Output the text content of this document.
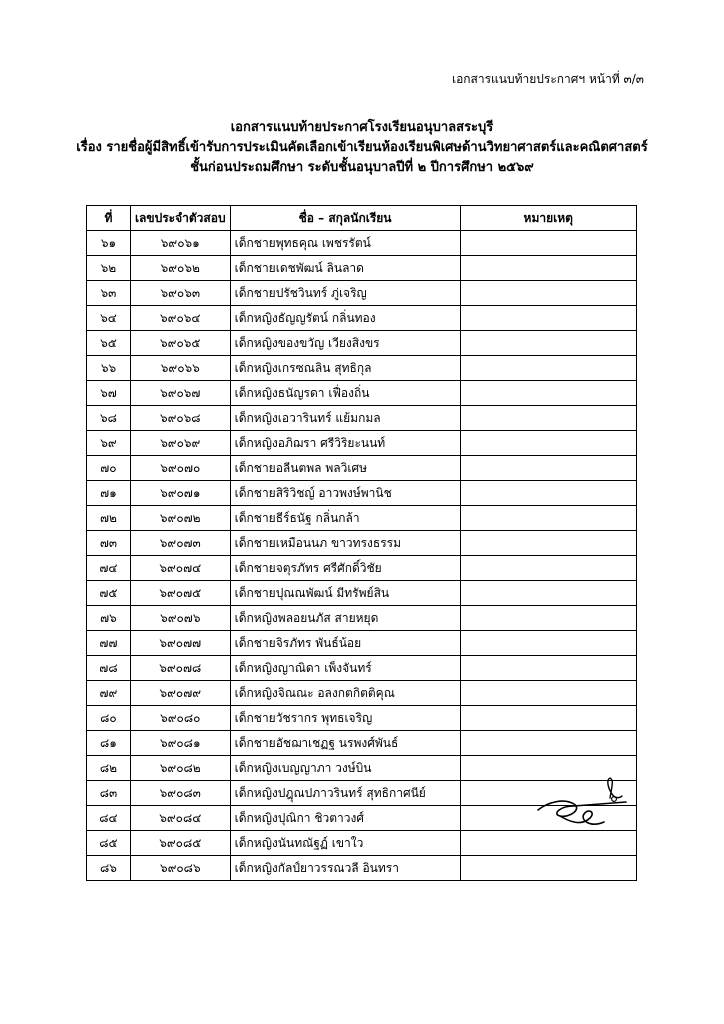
เอกสารแนบท้ายประกาศฯ หน้าที่ ๓/๓
เอกสารแนบท้ายประกาศโรงเรียนอนุบาลสระบุรี
เรื่อง รายชื่อผู้มีสิทธิ์เข้ารับการประเมินคัดเลือกเข้าเรียนห้องเรียนพิเศษด้านวิทยาศาสตร์และคณิตศาสตร์
ชั้นก่อนประถมศึกษา ระดับชั้นอนุบาลปีที่ ๒ ปีการศึกษา ๒๕๖๙
ที่	เลขประจำตัวสอบ	ชื่อ – สกุลนักเรียน	หมายเหตุ
๖๑	๖๙๐๖๑	เด็กชายพุทธคุณ เพชรรัตน์	
๖๒	๖๙๐๖๒	เด็กชายเดชพัฒน์ ลินลาด	
๖๓	๖๙๐๖๓	เด็กชายปรัชวินทร์ ภู่เจริญ	
๖๔	๖๙๐๖๔	เด็กหญิงธัญญรัตน์ กลิ่นทอง	
๖๕	๖๙๐๖๕	เด็กหญิงของขวัญ เวียงสิงขร	
๖๖	๖๙๐๖๖	เด็กหญิงเกรซณลิน สุทธิกุล	
๖๗	๖๙๐๖๗	เด็กหญิงธนัญรดา เฟื่องถิ่น	
๖๘	๖๙๐๖๘	เด็กหญิงเอวารินทร์ แย้มกมล	
๖๙	๖๙๐๖๙	เด็กหญิงอภิฌรา ศรีวิริยะนนท์	
๗๐	๖๙๐๗๐	เด็กชายอลีนตพล พลวิเศษ	
๗๑	๖๙๐๗๑	เด็กชายสิริวิชญ์ อาวพงษ์พานิช	
๗๒	๖๙๐๗๒	เด็กชายธีร์ธนัฐ กลิ่นกล้า	
๗๓	๖๙๐๗๓	เด็กชายเหมือนนภ ขาวทรงธรรม	
๗๔	๖๙๐๗๔	เด็กชายจตุรภัทร ศรีศักดิ์วิชัย	
๗๕	๖๙๐๗๕	เด็กชายปุณณพัฒน์ มีทรัพย์สิน	
๗๖	๖๙๐๗๖	เด็กหญิงพลอยนภัส สายหยุด	
๗๗	๖๙๐๗๗	เด็กชายจิรภัทร พันธ์น้อย	
๗๘	๖๙๐๗๘	เด็กหญิงญาณิดา เพ็งจันทร์	
๗๙	๖๙๐๗๙	เด็กหญิงจิณณะ อลงกตกิตติคุณ	
๘๐	๖๙๐๘๐	เด็กชายวัชรากร พุทธเจริญ	
๘๑	๖๙๐๘๑	เด็กชายอัชฌาเชฏฐ นรพงศ์พันธ์	
๘๒	๖๙๐๘๒	เด็กหญิงเบญญาภา วงษ์บิน	
๘๓	๖๙๐๘๓	เด็กหญิงปฎุณปภาวรินทร์ สุทธิกาศนีย์	
๘๔	๖๙๐๘๔	เด็กหญิงปุณิกา ชิวตาวงศ์	
๘๕	๖๙๐๘๕	เด็กหญิงนันทณัฐฏ์ เขาใว	
๘๖	๖๙๐๘๖	เด็กหญิงกัลป์ยาวรรณวลี อินทรา	
